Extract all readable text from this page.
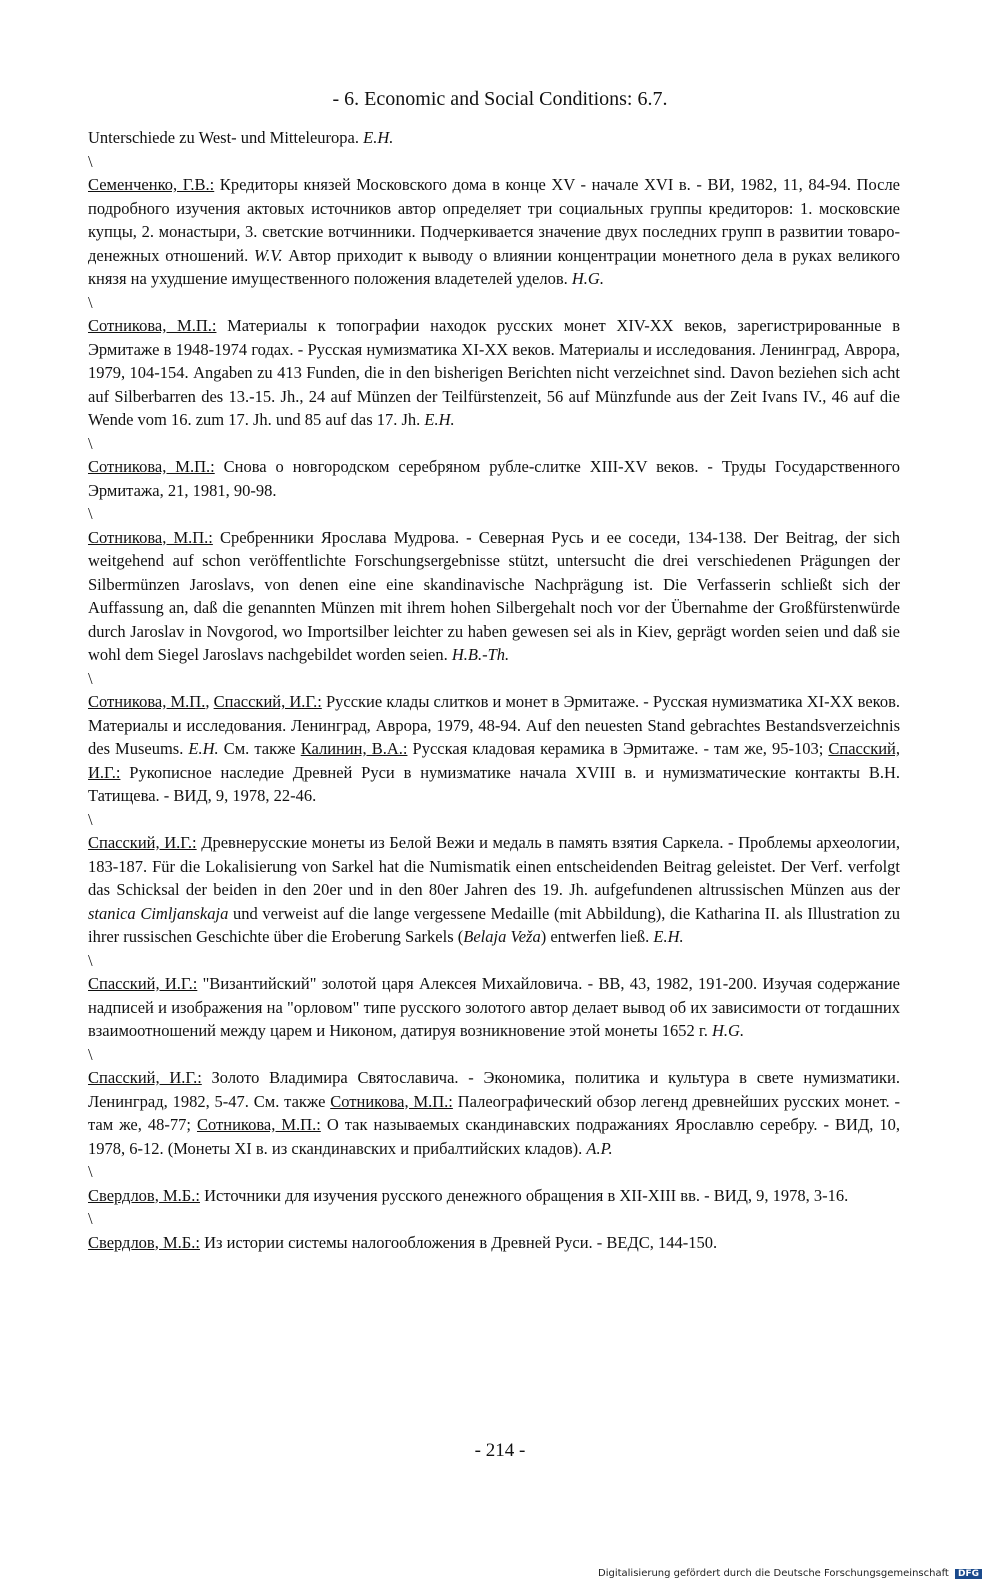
- 6. Economic and Social Conditions: 6.7.

Unterschiede zu West- und Mitteleuropa. E.H.

\

Семенченко, Г.В.: Кредиторы князей Московского дома в конце XV - начале XVI в. - ВИ, 1982, 11, 84-94. После подробного изучения актовых источников автор определяет три социальных группы кредиторов: 1. московские купцы, 2. монастыри, 3. светские вотчинники. Подчеркивается значение двух последних групп в развитии товаро-денежных отношений. W.V. Автор приходит к выводу о влиянии концентрации монетного дела в руках великого князя на ухудшение имущественного положения владетелей уделов. H.G.

\

Сотникова, М.П.: Материалы к топографии находок русских монет XIV-XX веков, зарегистрированные в Эрмитаже в 1948-1974 годах. - Русская нумизматика XI-XX веков. Материалы и исследования. Ленинград, Аврора, 1979, 104-154. Angaben zu 413 Funden, die in den bisherigen Berichten nicht verzeichnet sind. Davon beziehen sich acht auf Silberbarren des 13.-15. Jh., 24 auf Münzen der Teilfürstenzeit, 56 auf Münzfunde aus der Zeit Ivans IV., 46 auf die Wende vom 16. zum 17. Jh. und 85 auf das 17. Jh. E.H.

\

Сотникова, М.П.: Снова о новгородском серебряном рубле-слитке XIII-XV веков. - Труды Государственного Эрмитажа, 21, 1981, 90-98.

\

Сотникова, М.П.: Сребренники Ярослава Мудрова. - Северная Русь и ее соседи, 134-138. Der Beitrag, der sich weitgehend auf schon veröffentlichte Forschungsergebnisse stützt, untersucht die drei verschiedenen Prägungen der Silbermünzen Jaroslavs, von denen eine eine skandinavische Nachprägung ist. Die Verfasserin schließt sich der Auffassung an, daß die genannten Münzen mit ihrem hohen Silbergehalt noch vor der Übernahme der Großfürstenwürde durch Jaroslav in Novgorod, wo Importsilber leichter zu haben gewesen sei als in Kiev, geprägt worden seien und daß sie wohl dem Siegel Jaroslavs nachgebildet worden seien. H.B.-Th.

\

Сотникова, М.П., Спасский, И.Г.: Русские клады слитков и монет в Эрмитаже. - Русская нумизматика XI-XX веков. Материалы и исследования. Ленинград, Аврора, 1979, 48-94. Auf den neuesten Stand gebrachtes Bestandsverzeichnis des Museums. E.H. См. также Калинин, В.А.: Русская кладовая керамика в Эрмитаже. - там же, 95-103; Спасский, И.Г.: Рукописное наследие Древней Руси в нумизматике начала XVIII в. и нумизматические контакты В.Н. Татищева. - ВИД, 9, 1978, 22-46.

\

Спасский, И.Г.: Древнерусские монеты из Белой Вежи и медаль в память взятия Саркела. - Проблемы археологии, 183-187. Für die Lokalisierung von Sarkel hat die Numismatik einen entscheidenden Beitrag geleistet. Der Verf. verfolgt das Schicksal der beiden in den 20er und in den 80er Jahren des 19. Jh. aufgefundenen altrussischen Münzen aus der stanica Cimljanskaja und verweist auf die lange vergessene Medaille (mit Abbildung), die Katharina II. als Illustration zu ihrer russischen Geschichte über die Eroberung Sarkels (Belaja Veža) entwerfen ließ. E.H.

\

Спасский, И.Г.: "Византийский" золотой царя Алексея Михайловича. - ВВ, 43, 1982, 191-200. Изучая содержание надписей и изображения на "орловом" типе русского золотого автор делает вывод об их зависимости от тогдашних взаимоотношений между царем и Никоном, датируя возникновение этой монеты 1652 г. H.G.

\

Спасский, И.Г.: Золото Владимира Святославича. - Экономика, политика и культура в свете нумизматики. Ленинград, 1982, 5-47. См. также Сотникова, М.П.: Палеографический обзор легенд древнейших русских монет. - там же, 48-77; Сотникова, М.П.: О так называемых скандинавских подражаниях Ярославлю серебру. - ВИД, 10, 1978, 6-12. (Монеты XI в. из скандинавских и прибалтийских кладов). A.P.

\

Свердлов, М.Б.: Источники для изучения русского денежного обращения в XII-XIII вв. - ВИД, 9, 1978, 3-16.

\

Свердлов, М.Б.: Из истории системы налогообложения в Древней Руси. - ВЕДС, 144-150.

- 214 -
Digitalisierung gefördert durch die Deutsche Forschungsgemeinschaft DFG
